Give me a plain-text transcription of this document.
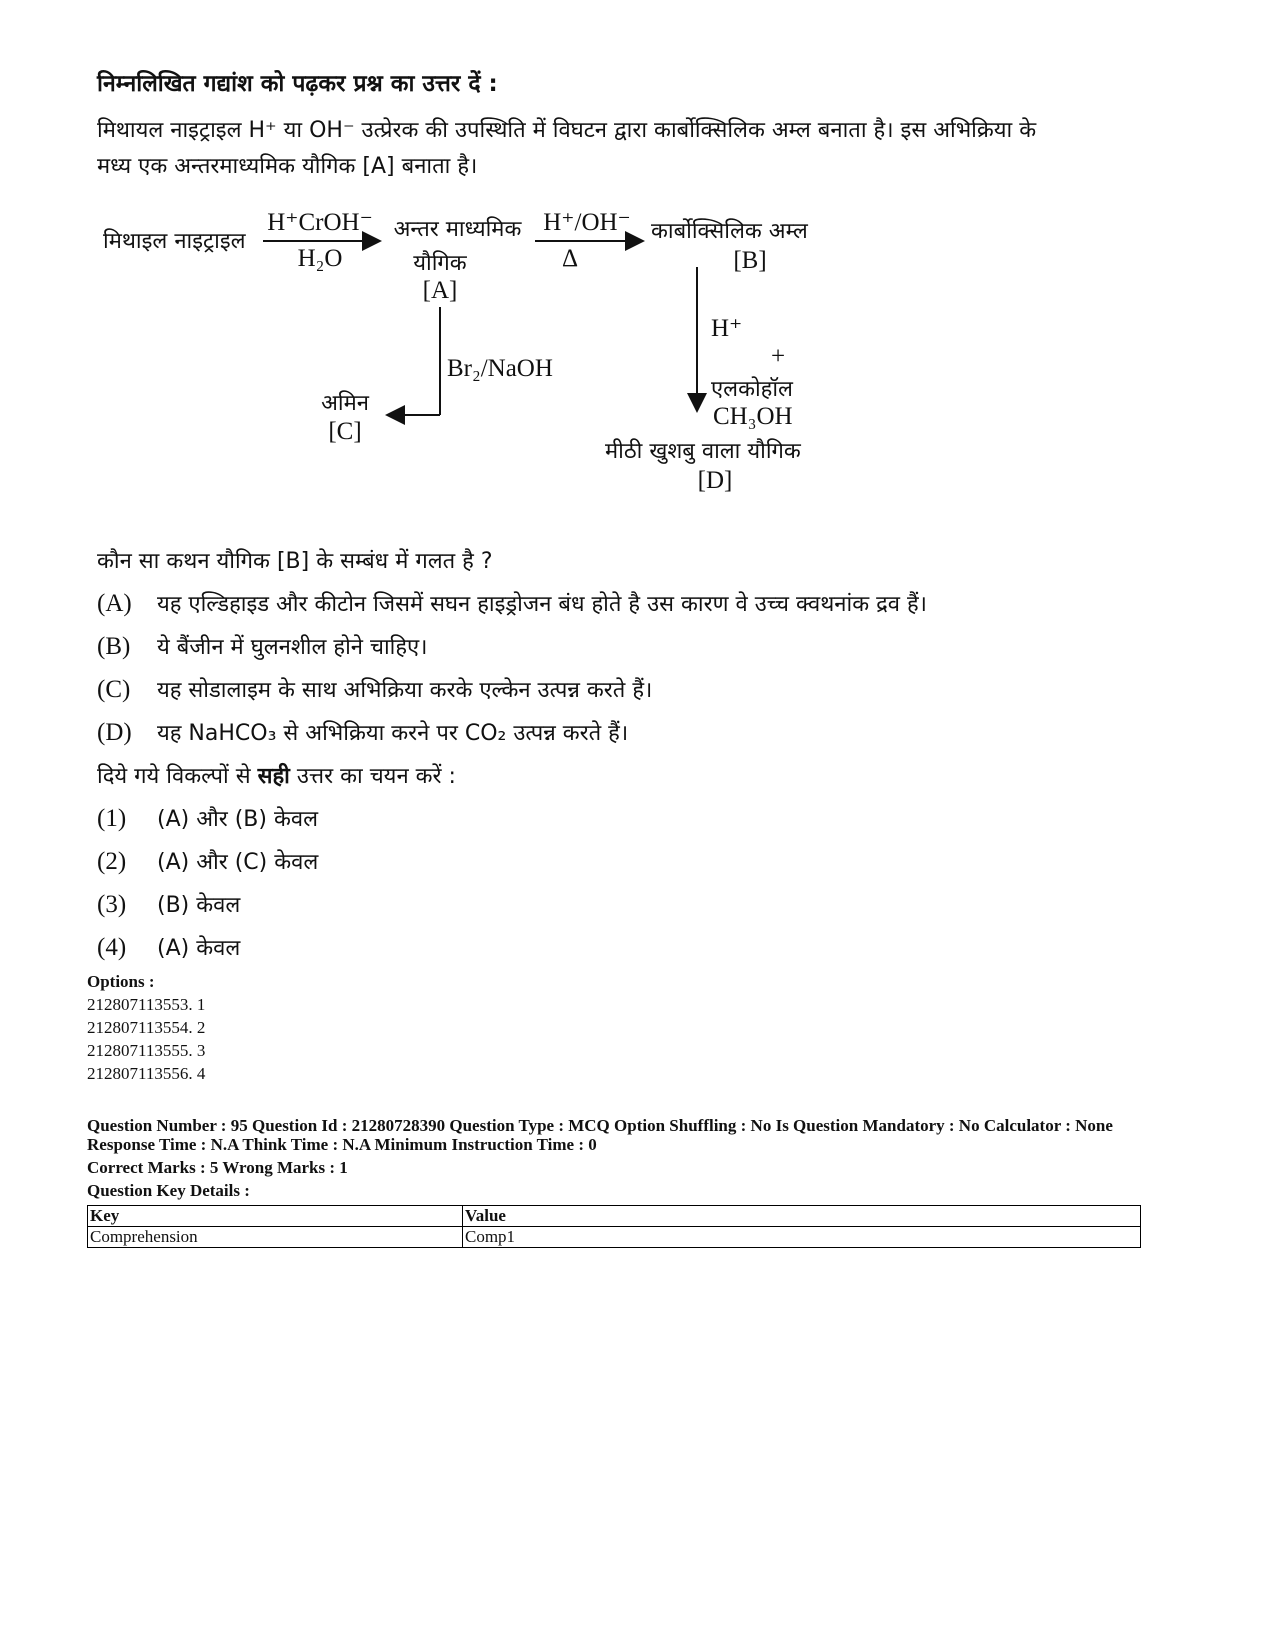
निम्नलिखित गद्यांश को पढ़कर प्रश्न का उत्तर दें :
मिथायल नाइट्राइल H⁺ या OH⁻ उत्प्रेरक की उपस्थिति में विघटन द्वारा कार्बोक्सिलिक अम्ल बनाता है। इस अभिक्रिया के
मध्य एक अन्तरमाध्यमिक यौगिक [A] बनाता है।
मिथाइल नाइट्राइल
H⁺CrOH⁻
H₂O
अन्तर माध्यमिक
यौगिक
[A]
H⁺/OH⁻
Δ
कार्बोक्सिलिक अम्ल
[B]
Br₂/NaOH
अमिन
[C]
H⁺
+
एलकोहॉल
CH₃OH
मीठी खुशबु वाला यौगिक
[D]
कौन सा कथन यौगिक [B] के सम्बंध में गलत है ?
(A) यह एल्डिहाइड और कीटोन जिसमें सघन हाइड्रोजन बंध होते है उस कारण वे उच्च क्वथनांक द्रव हैं।
(B) ये बैंजीन में घुलनशील होने चाहिए।
(C) यह सोडालाइम के साथ अभिक्रिया करके एल्केन उत्पन्न करते हैं।
(D) यह NaHCO₃ से अभिक्रिया करने पर CO₂ उत्पन्न करते हैं।
दिये गये विकल्पों से सही उत्तर का चयन करें :
(1) (A) और (B) केवल
(2) (A) और (C) केवल
(3) (B) केवल
(4) (A) केवल
Options :
212807113553. 1
212807113554. 2
212807113555. 3
212807113556. 4
Question Number : 95 Question Id : 21280728390 Question Type : MCQ Option Shuffling : No Is Question Mandatory : No Calculator : None
Response Time : N.A Think Time : N.A Minimum Instruction Time : 0
Correct Marks : 5 Wrong Marks : 1
Question Key Details :
Key	Value
Comprehension	Comp1
